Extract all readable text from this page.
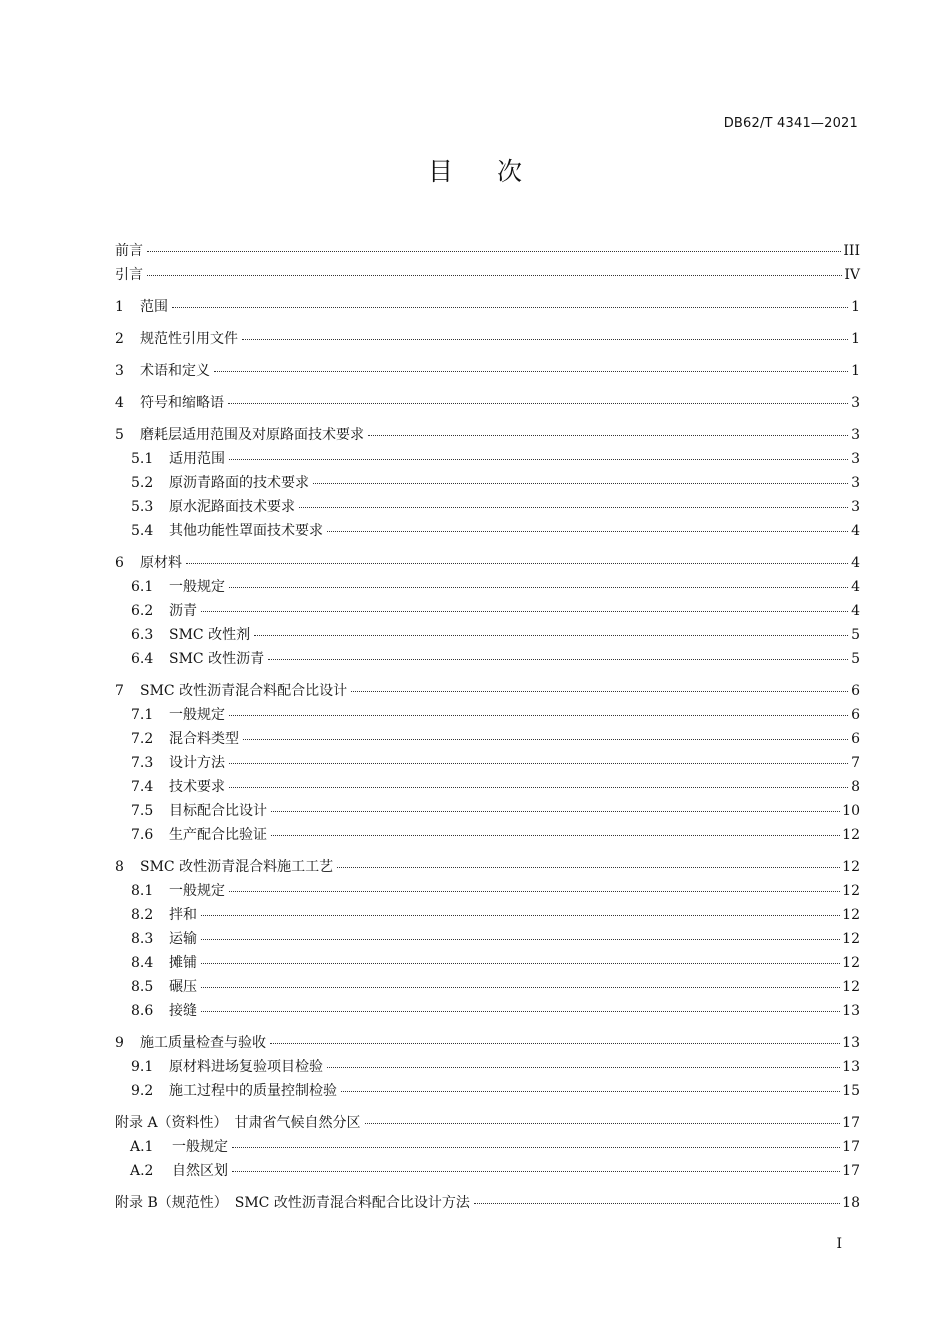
DB62/T 4341—2021
目 次
前言	III
引言	IV
1	范围	1
2	规范性引用文件	1
3	术语和定义	1
4	符号和缩略语	3
5	磨耗层适用范围及对原路面技术要求	3
5.1	适用范围	3
5.2	原沥青路面的技术要求	3
5.3	原水泥路面技术要求	3
5.4	其他功能性罩面技术要求	4
6	原材料	4
6.1	一般规定	4
6.2	沥青	4
6.3	SMC 改性剂	5
6.4	SMC 改性沥青	5
7	SMC 改性沥青混合料配合比设计	6
7.1	一般规定	6
7.2	混合料类型	6
7.3	设计方法	7
7.4	技术要求	8
7.5	目标配合比设计	10
7.6	生产配合比验证	12
8	SMC 改性沥青混合料施工工艺	12
8.1	一般规定	12
8.2	拌和	12
8.3	运输	12
8.4	摊铺	12
8.5	碾压	12
8.6	接缝	13
9	施工质量检查与验收	13
9.1	原材料进场复验项目检验	13
9.2	施工过程中的质量控制检验	15
附录 A（资料性）　甘肃省气候自然分区	17
A.1	一般规定	17
A.2	自然区划	17
附录 B（规范性）　SMC 改性沥青混合料配合比设计方法	18
I
